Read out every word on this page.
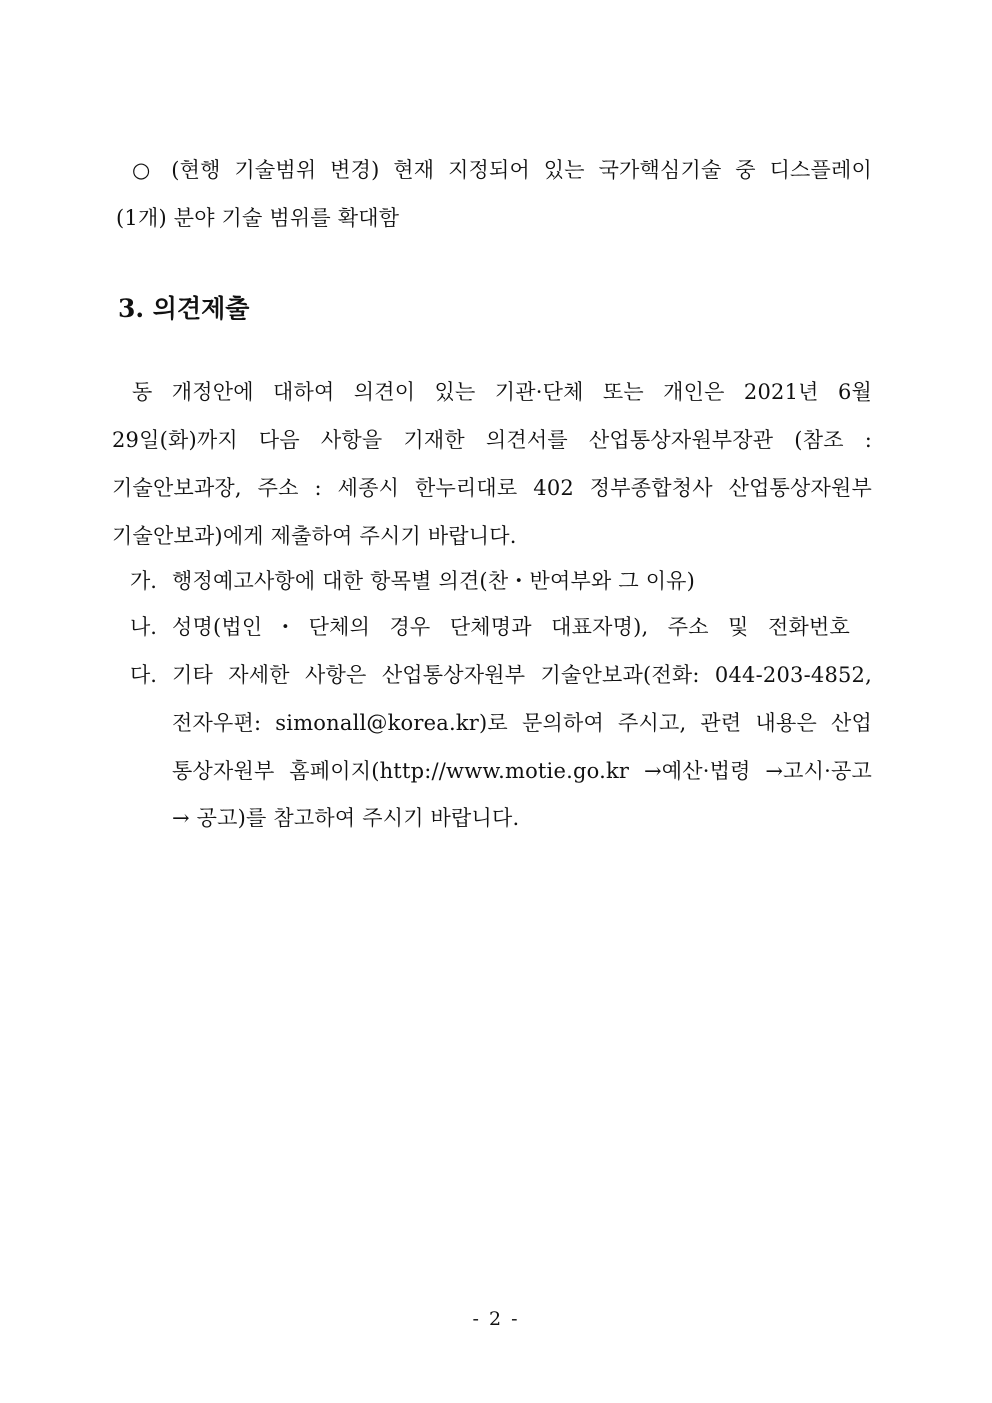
○ (현행 기술범위 변경) 현재 지정되어 있는 국가핵심기술 중 디스플레이
(1개) 분야 기술 범위를 확대함
3. 의견제출
동 개정안에 대하여 의견이 있는 기관·단체 또는 개인은 2021년 6월
29일(화)까지 다음 사항을 기재한 의견서를 산업통상자원부장관 (참조 :
기술안보과장, 주소 : 세종시 한누리대로 402 정부종합청사 산업통상자원부
기술안보과)에게 제출하여 주시기 바랍니다.
가. 행정예고사항에 대한 항목별 의견(찬・반여부와 그 이유)
나. 성명(법인・단체의 경우 단체명과 대표자명), 주소 및 전화번호
다. 기타 자세한 사항은 산업통상자원부 기술안보과(전화: 044-203-4852,
전자우편: simonall@korea.kr)로 문의하여 주시고, 관련 내용은 산업
통상자원부 홈페이지(http://www.motie.go.kr →예산·법령 →고시·공고
→ 공고)를 참고하여 주시기 바랍니다.
- 2 -
